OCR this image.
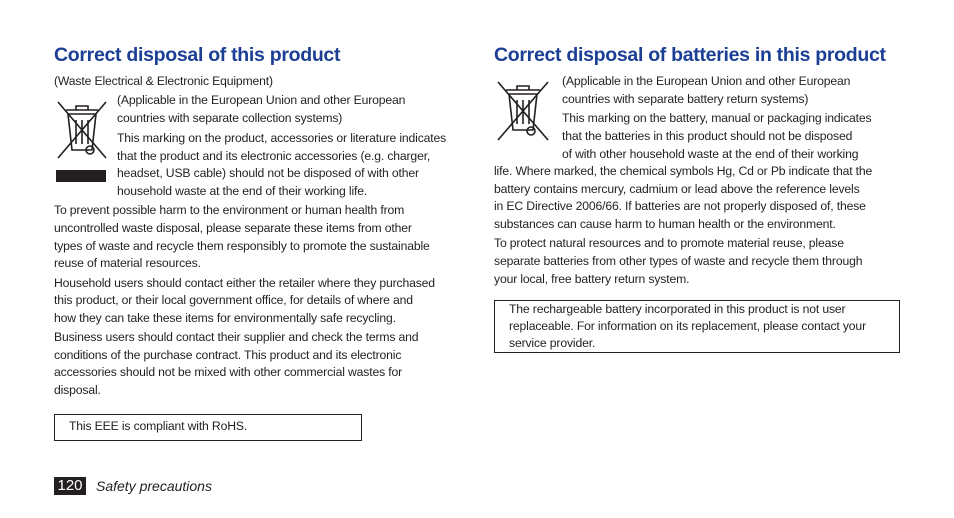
Correct disposal of this product

(Waste Electrical & Electronic Equipment)

(Applicable in the European Union and other European

countries with separate collection systems)

This marking on the product, accessories or literature indicates

that the product and its electronic accessories (e.g. charger,

headset, USB cable) should not be disposed of with other

household waste at the end of their working life.

To prevent possible harm to the environment or human health from

uncontrolled waste disposal, please separate these items from other

types of waste and recycle them responsibly to promote the sustainable

reuse of material resources.

Household users should contact either the retailer where they purchased

this product, or their local government office, for details of where and

how they can take these items for environmentally safe recycling.

Business users should contact their supplier and check the terms and

conditions of the purchase contract. This product and its electronic

accessories should not be mixed with other commercial wastes for

disposal.

This EEE is compliant with RoHS.
Correct disposal of batteries in this product

(Applicable in the European Union and other European

countries with separate battery return systems)

This marking on the battery, manual or packaging indicates

that the batteries in this product should not be disposed

of with other household waste at the end of their working

life. Where marked, the chemical symbols Hg, Cd or Pb indicate that the

battery contains mercury, cadmium or lead above the reference levels

in EC Directive 2006/66. If batteries are not properly disposed of, these

substances can cause harm to human health or the environment.

To protect natural resources and to promote material reuse, please

separate batteries from other types of waste and recycle them through

your local, free battery return system.

The rechargeable battery incorporated in this product is not user

replaceable. For information on its replacement, please contact your

service provider.

120 Safety precautions
